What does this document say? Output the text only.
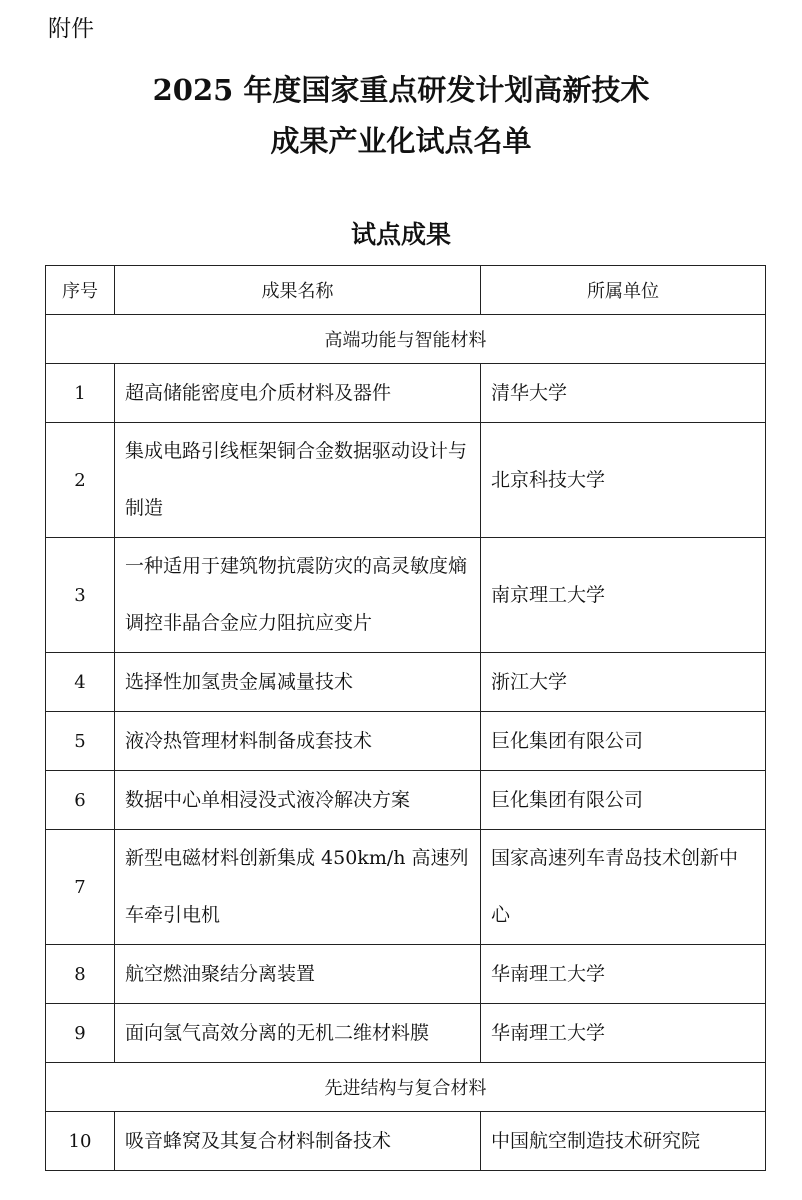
附件
2025 年度国家重点研发计划高新技术
成果产业化试点名单
试点成果
序号	成果名称	所属单位
高端功能与智能材料		
1	超高储能密度电介质材料及器件	清华大学
2	集成电路引线框架铜合金数据驱动设计与制造	北京科技大学
3	一种适用于建筑物抗震防灾的高灵敏度熵调控非晶合金应力阻抗应变片	南京理工大学
4	选择性加氢贵金属减量技术	浙江大学
5	液冷热管理材料制备成套技术	巨化集团有限公司
6	数据中心单相浸没式液冷解决方案	巨化集团有限公司
7	新型电磁材料创新集成 450km/h 高速列车牵引电机	国家高速列车青岛技术创新中心
8	航空燃油聚结分离装置	华南理工大学
9	面向氢气高效分离的无机二维材料膜	华南理工大学
先进结构与复合材料		
10	吸音蜂窝及其复合材料制备技术	中国航空制造技术研究院
